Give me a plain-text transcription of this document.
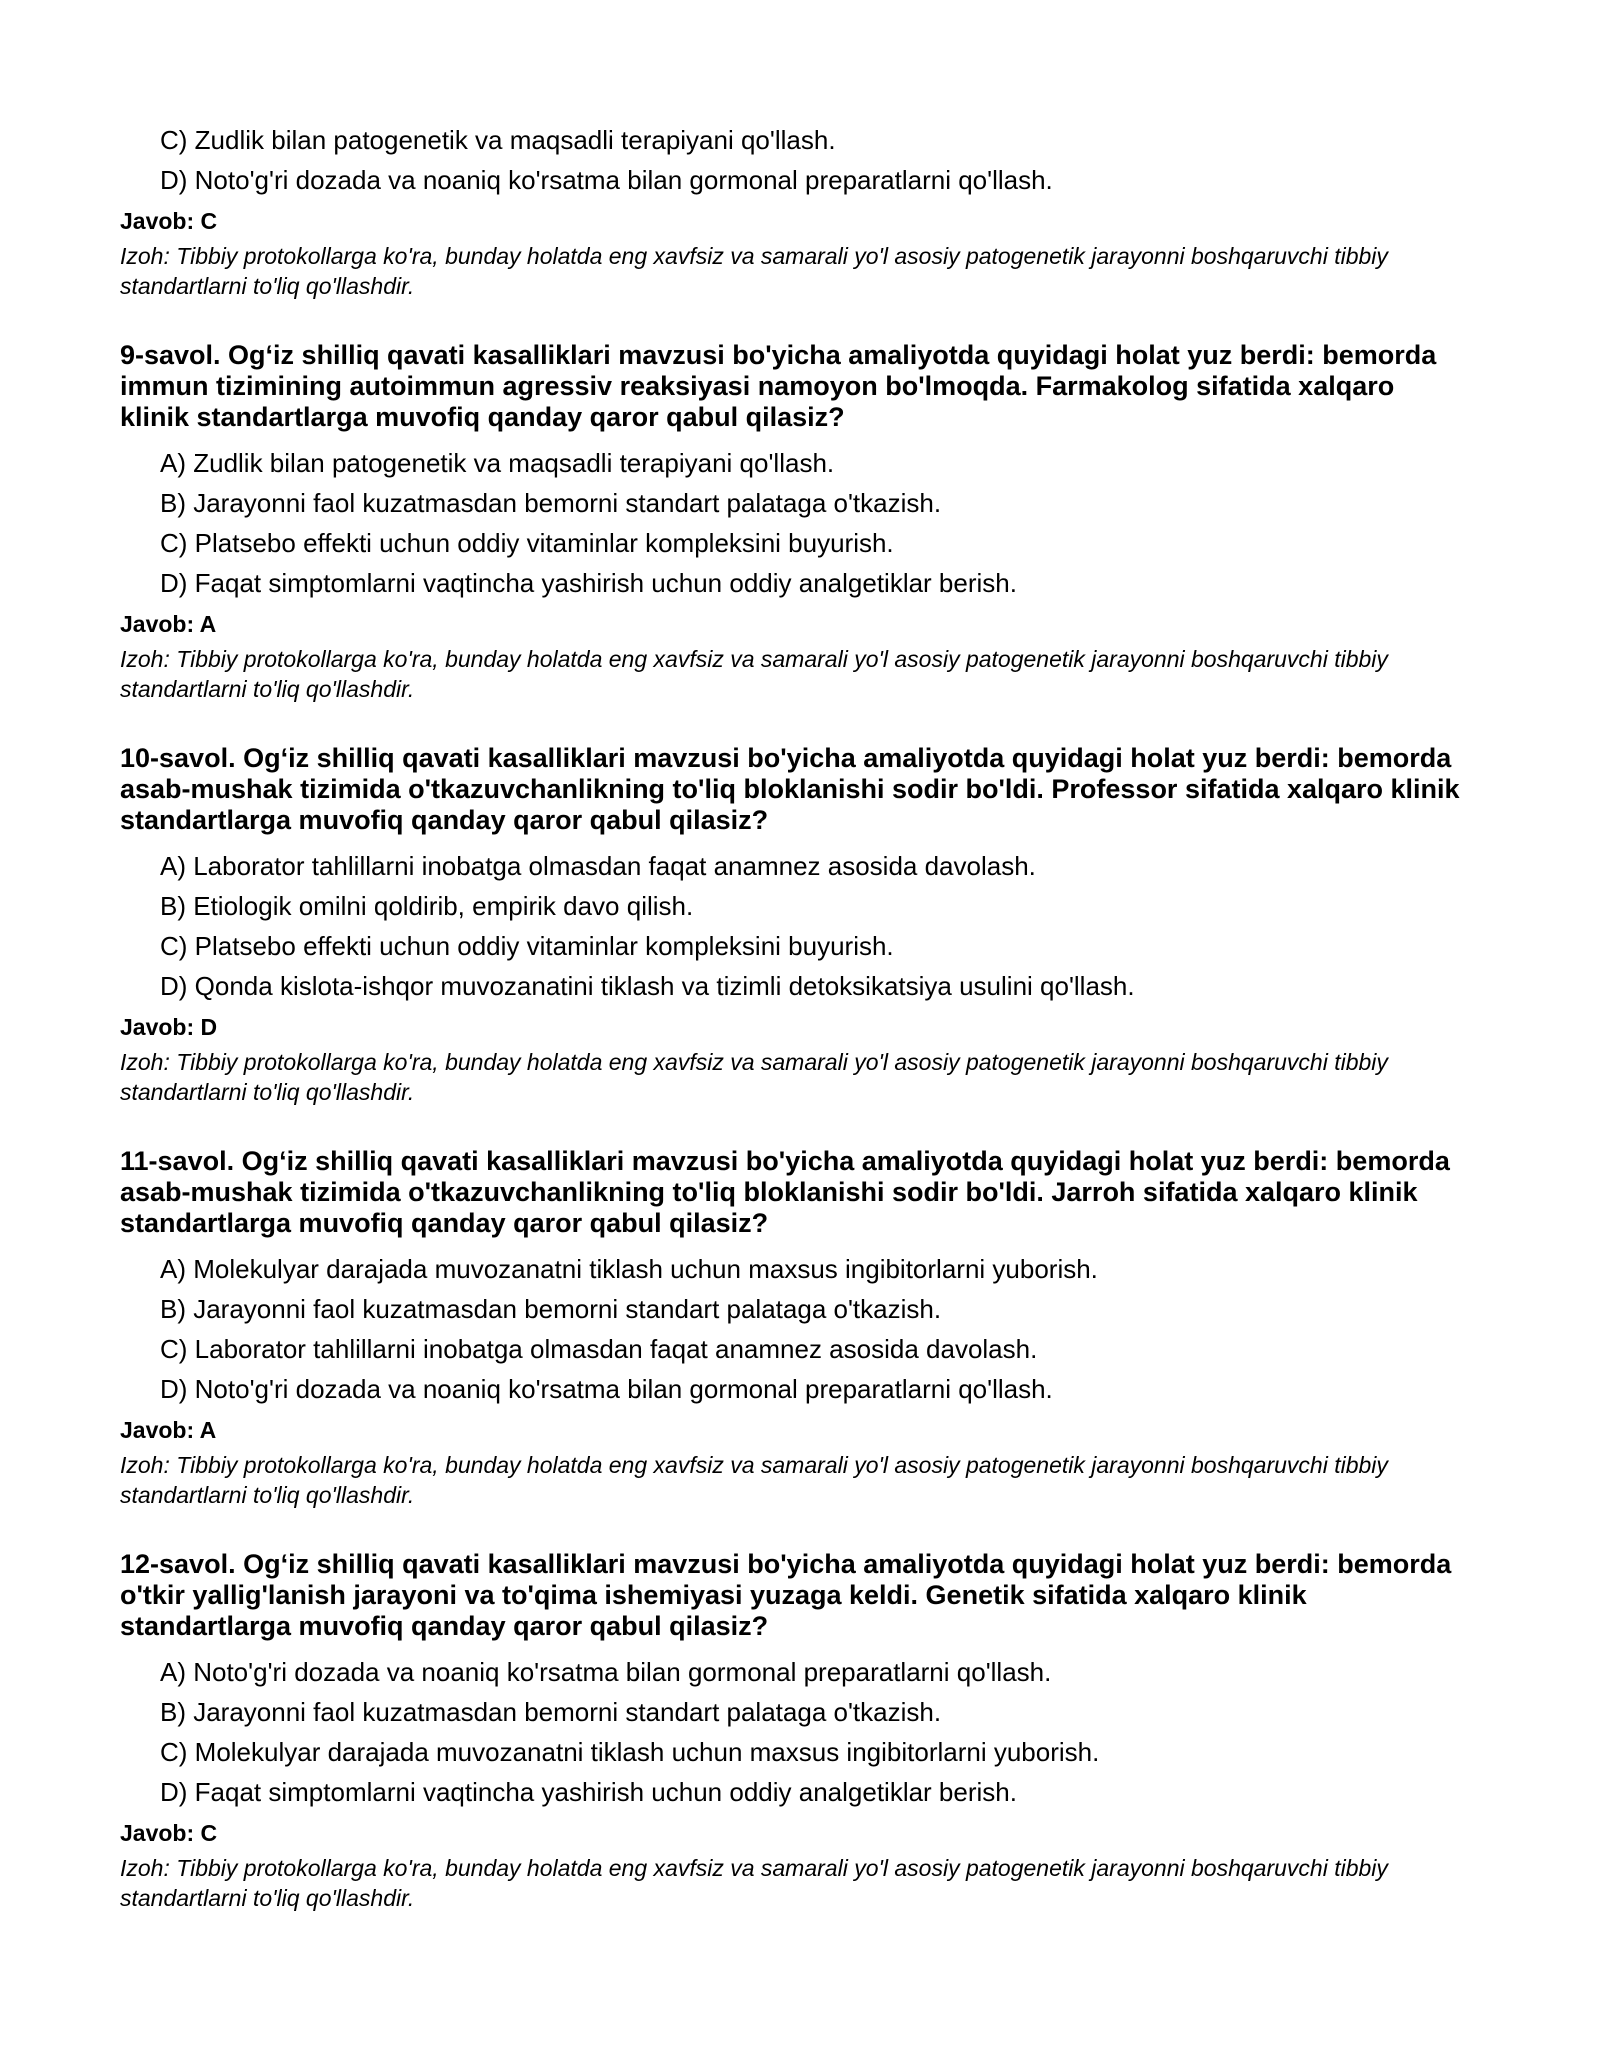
C) Zudlik bilan patogenetik va maqsadli terapiyani qo'llash.
D) Noto'g'ri dozada va noaniq ko'rsatma bilan gormonal preparatlarni qo'llash.
Javob: C
Izoh: Tibbiy protokollarga ko'ra, bunday holatda eng xavfsiz va samarali yo'l asosiy patogenetik jarayonni boshqaruvchi tibbiy standartlarni to'liq qo'llashdir.

9-savol. Og‘iz shilliq qavati kasalliklari mavzusi bo'yicha amaliyotda quyidagi holat yuz berdi: bemorda immun tizimining autoimmun agressiv reaksiyasi namoyon bo'lmoqda. Farmakolog sifatida xalqaro klinik standartlarga muvofiq qanday qaror qabul qilasiz?

A) Zudlik bilan patogenetik va maqsadli terapiyani qo'llash.
B) Jarayonni faol kuzatmasdan bemorni standart palataga o'tkazish.
C) Platsebo effekti uchun oddiy vitaminlar kompleksini buyurish.
D) Faqat simptomlarni vaqtincha yashirish uchun oddiy analgetiklar berish.
Javob: A
Izoh: Tibbiy protokollarga ko'ra, bunday holatda eng xavfsiz va samarali yo'l asosiy patogenetik jarayonni boshqaruvchi tibbiy standartlarni to'liq qo'llashdir.

10-savol. Og‘iz shilliq qavati kasalliklari mavzusi bo'yicha amaliyotda quyidagi holat yuz berdi: bemorda asab-mushak tizimida o'tkazuvchanlikning to'liq bloklanishi sodir bo'ldi. Professor sifatida xalqaro klinik standartlarga muvofiq qanday qaror qabul qilasiz?

A) Laborator tahlillarni inobatga olmasdan faqat anamnez asosida davolash.
B) Etiologik omilni qoldirib, empirik davo qilish.
C) Platsebo effekti uchun oddiy vitaminlar kompleksini buyurish.
D) Qonda kislota-ishqor muvozanatini tiklash va tizimli detoksikatsiya usulini qo'llash.
Javob: D
Izoh: Tibbiy protokollarga ko'ra, bunday holatda eng xavfsiz va samarali yo'l asosiy patogenetik jarayonni boshqaruvchi tibbiy standartlarni to'liq qo'llashdir.

11-savol. Og‘iz shilliq qavati kasalliklari mavzusi bo'yicha amaliyotda quyidagi holat yuz berdi: bemorda asab-mushak tizimida o'tkazuvchanlikning to'liq bloklanishi sodir bo'ldi. Jarroh sifatida xalqaro klinik standartlarga muvofiq qanday qaror qabul qilasiz?

A) Molekulyar darajada muvozanatni tiklash uchun maxsus ingibitorlarni yuborish.
B) Jarayonni faol kuzatmasdan bemorni standart palataga o'tkazish.
C) Laborator tahlillarni inobatga olmasdan faqat anamnez asosida davolash.
D) Noto'g'ri dozada va noaniq ko'rsatma bilan gormonal preparatlarni qo'llash.
Javob: A
Izoh: Tibbiy protokollarga ko'ra, bunday holatda eng xavfsiz va samarali yo'l asosiy patogenetik jarayonni boshqaruvchi tibbiy standartlarni to'liq qo'llashdir.

12-savol. Og‘iz shilliq qavati kasalliklari mavzusi bo'yicha amaliyotda quyidagi holat yuz berdi: bemorda o'tkir yallig'lanish jarayoni va to'qima ishemiyasi yuzaga keldi. Genetik sifatida xalqaro klinik standartlarga muvofiq qanday qaror qabul qilasiz?

A) Noto'g'ri dozada va noaniq ko'rsatma bilan gormonal preparatlarni qo'llash.
B) Jarayonni faol kuzatmasdan bemorni standart palataga o'tkazish.
C) Molekulyar darajada muvozanatni tiklash uchun maxsus ingibitorlarni yuborish.
D) Faqat simptomlarni vaqtincha yashirish uchun oddiy analgetiklar berish.
Javob: C
Izoh: Tibbiy protokollarga ko'ra, bunday holatda eng xavfsiz va samarali yo'l asosiy patogenetik jarayonni boshqaruvchi tibbiy standartlarni to'liq qo'llashdir.
